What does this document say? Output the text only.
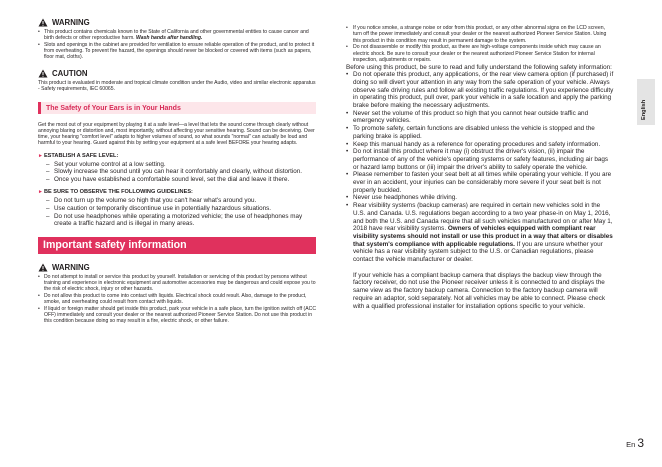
WARNING
• This product contains chemicals known to the State of California and other governmental entities to cause cancer and birth defects or other reproductive harm. Wash hands after handling.
• Slots and openings in the cabinet are provided for ventilation to ensure reliable operation of the product, and to protect it from overheating. To prevent fire hazard, the openings should never be blocked or covered with items (such as papers, floor mat, cloths).
CAUTION

This product is evaluated in moderate and tropical climate condition under the Audio, video and similar electronic apparatus - Safety requirements, IEC 60065.

The Safety of Your Ears is in Your Hands

Get the most out of your equipment by playing it at a safe level—a level that lets the sound come through clearly without annoying blaring or distortion and, most importantly, without affecting your sensitive hearing. Sound can be deceiving. Over time, your hearing "comfort level" adapts to higher volumes of sound, so what sounds "normal" can actually be loud and harmful to your hearing. Guard against this by setting your equipment at a safe level BEFORE your hearing adapts.

►ESTABLISH A SAFE LEVEL:
– Set your volume control at a low setting.
– Slowly increase the sound until you can hear it comfortably and clearly, without distortion.
– Once you have established a comfortable sound level, set the dial and leave it there.
►BE SURE TO OBSERVE THE FOLLOWING GUIDELINES:
– Do not turn up the volume so high that you can't hear what's around you.
– Use caution or temporarily discontinue use in potentially hazardous situations.
– Do not use headphones while operating a motorized vehicle; the use of headphones may create a traffic hazard and is illegal in many areas.
Important safety information
WARNING
• Do not attempt to install or service this product by yourself. Installation or servicing of this product by persons without training and experience in electronic equipment and automotive accessories may be dangerous and could expose you to the risk of electric shock, injury or other hazards.
• Do not allow this product to come into contact with liquids. Electrical shock could result. Also, damage to the product, smoke, and overheating could result from contact with liquids.
• If liquid or foreign matter should get inside this product, park your vehicle in a safe place, turn the ignition switch off (ACC OFF) immediately and consult your dealer or the nearest authorized Pioneer Service Station. Do not use this product in this condition because doing so may result in a fire, electric shock, or other failure.
• If you notice smoke, a strange noise or odor from this product, or any other abnormal signs on the LCD screen, turn off the power immediately and consult your dealer or the nearest authorized Pioneer Service Station. Using this product in this condition may result in permanent damage to the system.
• Do not disassemble or modify this product, as there are high-voltage components inside which may cause an electric shock. Be sure to consult your dealer or the nearest authorized Pioneer Service Station for internal inspection, adjustments or repairs.

Before using this product, be sure to read and fully understand the following safety information:

• Do not operate this product, any applications, or the rear view camera option (if purchased) if doing so will divert your attention in any way from the safe operation of your vehicle. Always observe safe driving rules and follow all existing traffic regulations. If you experience difficulty in operating this product, pull over, park your vehicle in a safe location and apply the parking brake before making the necessary adjustments.
• Never set the volume of this product so high that you cannot hear outside traffic and emergency vehicles.
• To promote safety, certain functions are disabled unless the vehicle is stopped and the parking brake is applied.
• Keep this manual handy as a reference for operating procedures and safety information.
• Do not install this product where it may (i) obstruct the driver's vision, (ii) impair the performance of any of the vehicle's operating systems or safety features, including air bags or hazard lamp buttons or (iii) impair the driver's ability to safely operate the vehicle.
• Please remember to fasten your seat belt at all times while operating your vehicle. If you are ever in an accident, your injuries can be considerably more severe if your seat belt is not properly buckled.
• Never use headphones while driving.
• Rear visibility systems (backup cameras) are required in certain new vehicles sold in the U.S. and Canada. U.S. regulations began according to a two year phase-in on May 1, 2016, and both the U.S. and Canada require that all such vehicles manufactured on or after May 1, 2018 have rear visibility systems. Owners of vehicles equipped with compliant rear visibility systems should not install or use this product in a way that alters or disables that system's compliance with applicable regulations. If you are unsure whether your vehicle has a rear visibility system subject to the U.S. or Canadian regulations, please contact the vehicle manufacturer or dealer.

If your vehicle has a compliant backup camera that displays the backup view through the factory receiver, do not use the Pioneer receiver unless it is connected to and displays the same view as the factory backup camera. Connection to the factory backup camera will require an adaptor, sold separately. Not all vehicles may be able to connect. Please check with a qualified professional installer for installation options specific to your vehicle.

English
En 3
